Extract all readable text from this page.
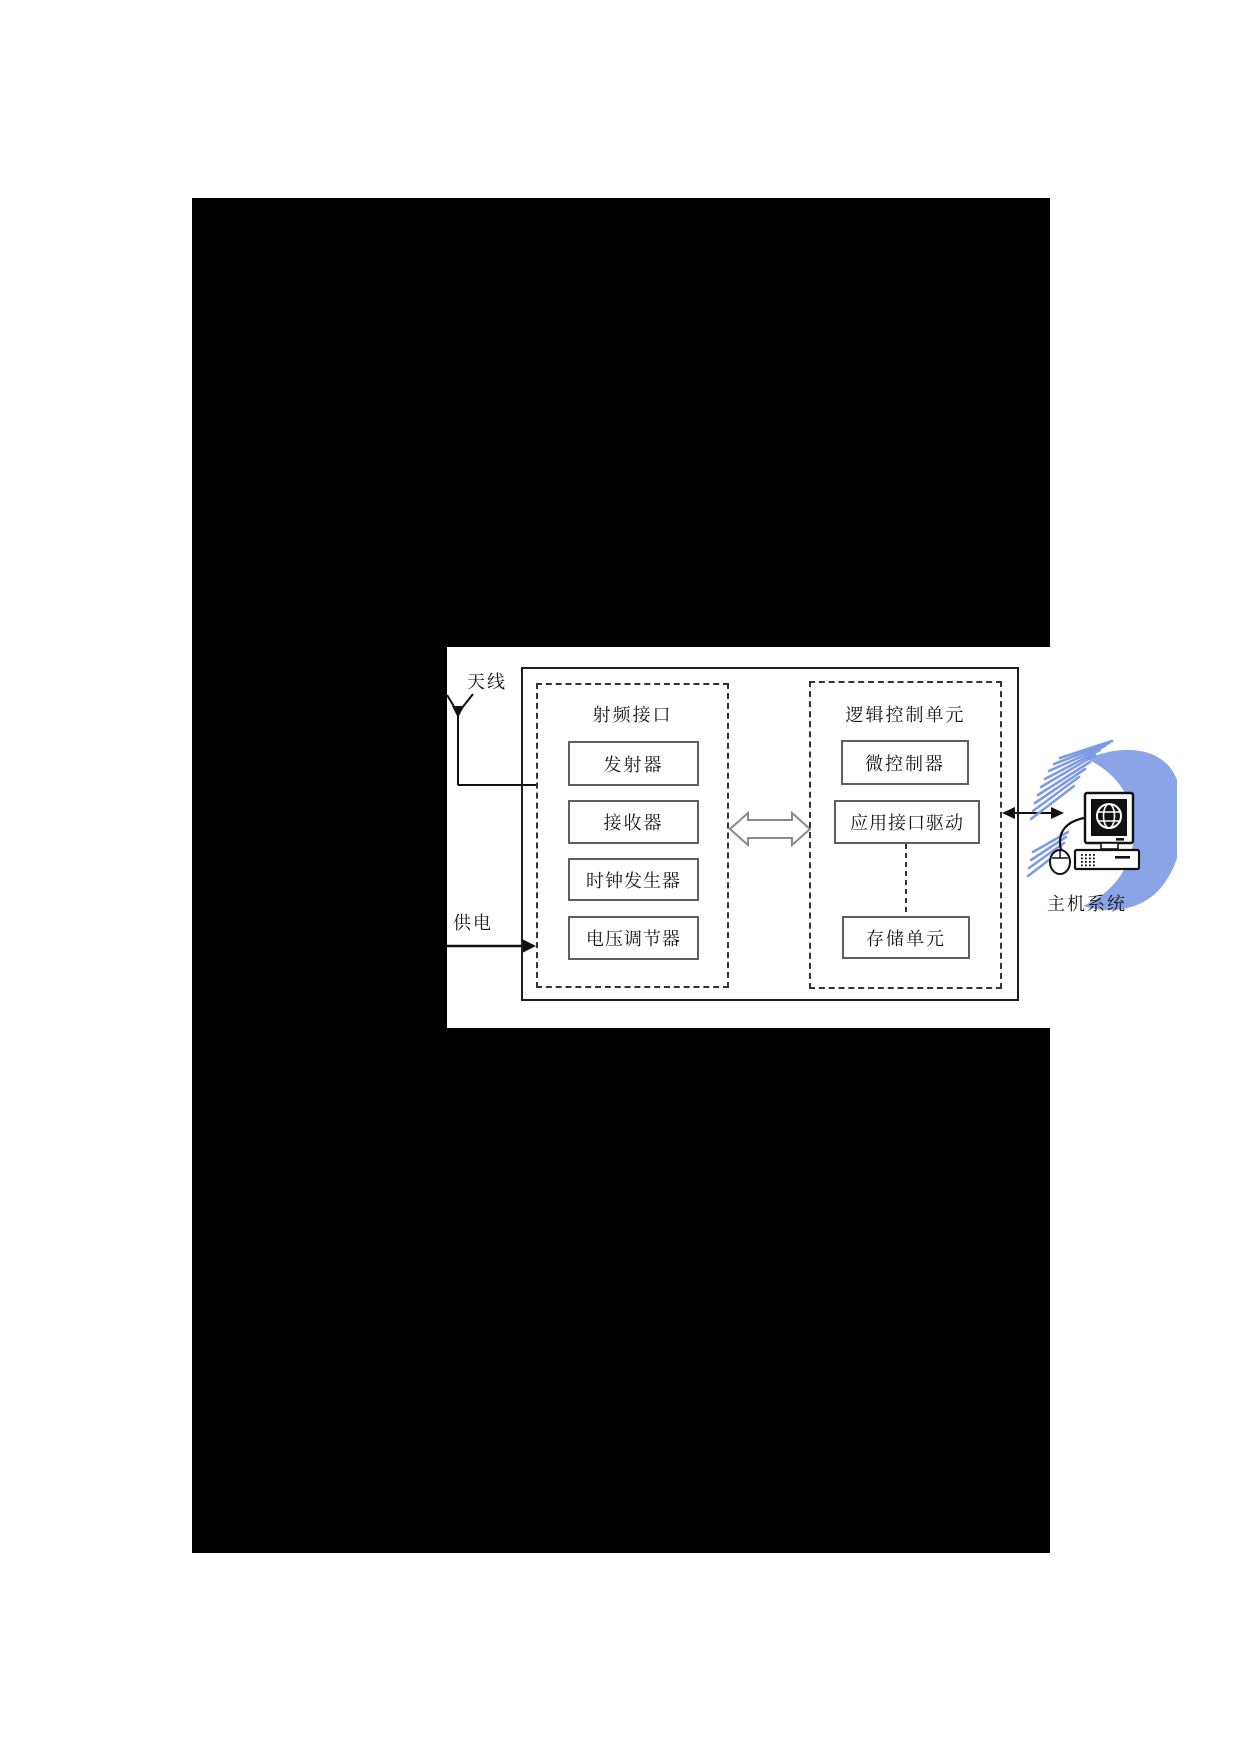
射频接口	逻辑控制单元
发射器
接收器
时钟发生器
电压调节器
微控制器
应用接口驱动
存储单元
天线
供电
主机系统
